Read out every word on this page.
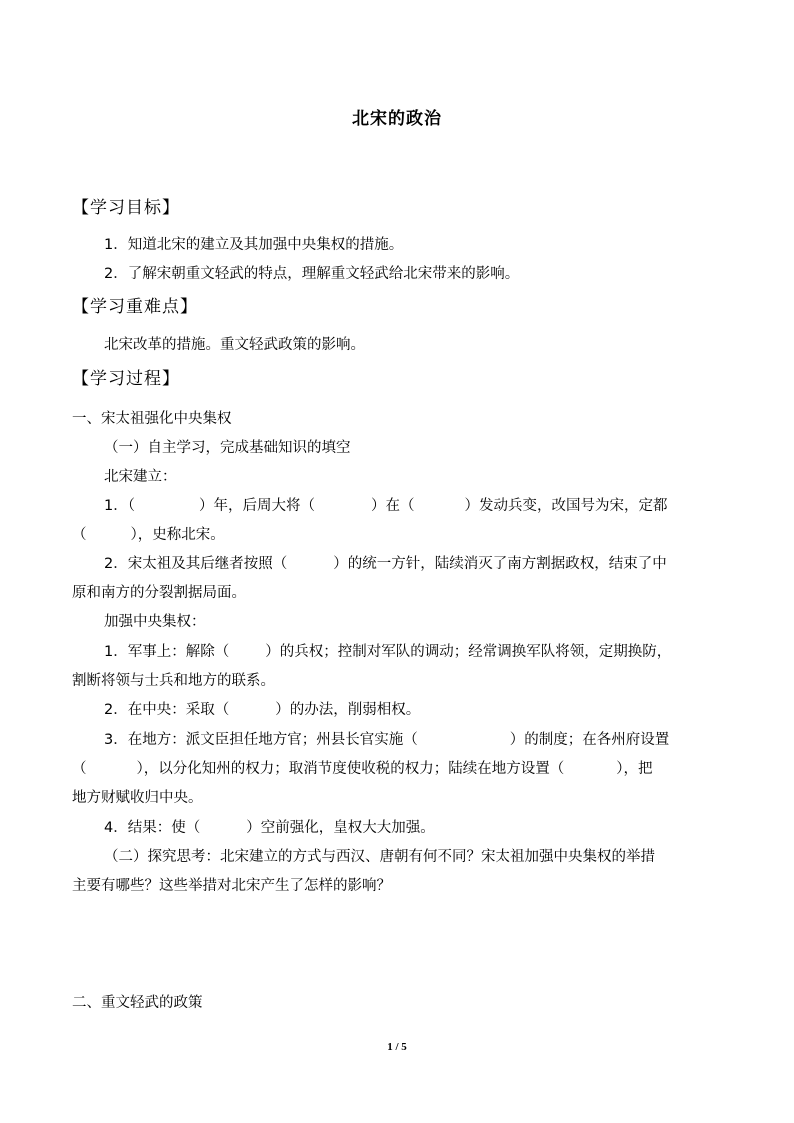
北宋的政治
【学习目标】
1．知道北宋的建立及其加强中央集权的措施。
2．了解宋朝重文轻武的特点，理解重文轻武给北宋带来的影响。
【学习重难点】
北宋改革的措施。重文轻武政策的影响。
【学习过程】
一、宋太祖强化中央集权
（一）自主学习，完成基础知识的填空
北宋建立：
1．（	）年，后周大将（	）在（	）发动兵变，改国号为宋，定都
（	），史称北宋。
2．宋太祖及其后继者按照（	）的统一方针，陆续消灭了南方割据政权，结束了中
原和南方的分裂割据局面。
加强中央集权：
1．军事上：解除（ ）的兵权；控制对军队的调动；经常调换军队将领，定期换防，
割断将领与士兵和地方的联系。
2．在中央：采取（	）的办法，削弱相权。
3．在地方：派文臣担任地方官；州县长官实施（	）的制度；在各州府设置
（	），以分化知州的权力；取消节度使收税的权力；陆续在地方设置（	），把
地方财赋收归中央。
4．结果：使（	）空前强化，皇权大大加强。
（二）探究思考：北宋建立的方式与西汉、唐朝有何不同？宋太祖加强中央集权的举措
主要有哪些？这些举措对北宋产生了怎样的影响？
二、重文轻武的政策
1 / 5
